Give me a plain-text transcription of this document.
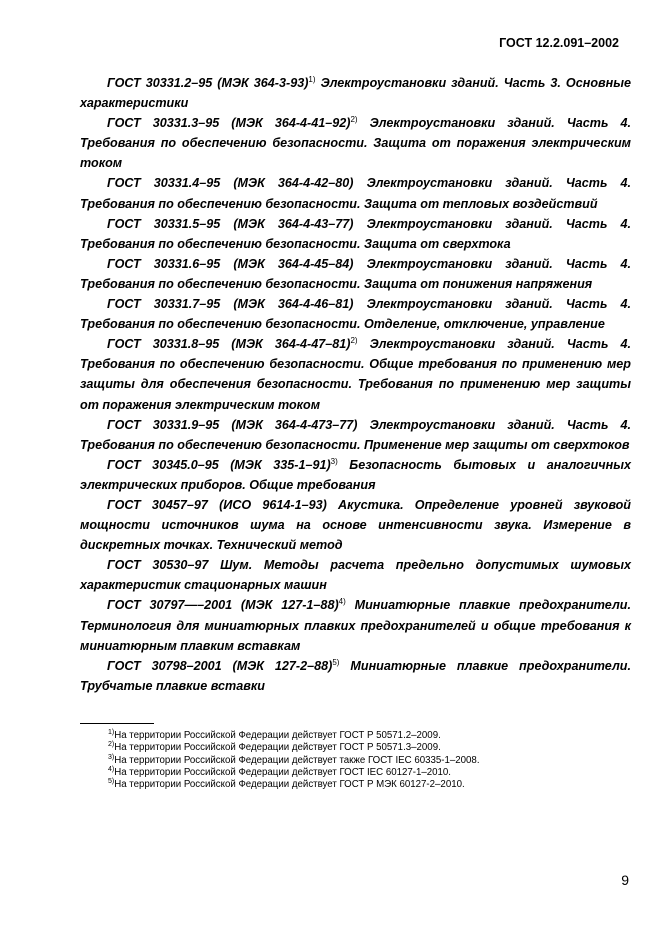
ГОСТ 12.2.091–2002

ГОСТ 30331.2–95 (МЭК 364-3-93)$^{1)}$ Электроустановки зданий. Часть 3. Основные характеристики

ГОСТ 30331.3–95 (МЭК 364-4-41–92)$^{2)}$ Электроустановки зданий. Часть 4. Требования по обеспечению безопасности. Защита от поражения электрическим током

ГОСТ 30331.4–95 (МЭК 364-4-42–80) Электроустановки зданий. Часть 4. Требования по обеспечению безопасности. Защита от тепловых воздействий

ГОСТ 30331.5–95 (МЭК 364-4-43–77) Электроустановки зданий. Часть 4. Требования по обеспечению безопасности. Защита от сверхтока

ГОСТ 30331.6–95 (МЭК 364-4-45–84) Электроустановки зданий. Часть 4. Требования по обеспечению безопасности. Защита от понижения напряжения

ГОСТ 30331.7–95 (МЭК 364-4-46–81) Электроустановки зданий. Часть 4. Требования по обеспечению безопасности. Отделение, отключение, управление

ГОСТ 30331.8–95 (МЭК 364-4-47–81)$^{2)}$ Электроустановки зданий. Часть 4. Требования по обеспечению безопасности. Общие требования по применению мер защиты для обеспечения безопасности. Требования по применению мер защиты от поражения электрическим током

ГОСТ 30331.9–95 (МЭК 364-4-473–77) Электроустановки зданий. Часть 4. Требования по обеспечению безопасности. Применение мер защиты от сверхтоков

ГОСТ 30345.0–95 (МЭК 335-1–91)$^{3)}$ Безопасность бытовых и аналогичных электрических приборов. Общие требования

ГОСТ 30457–97 (ИСО 9614-1–93) Акустика. Определение уровней звуковой мощности источников шума на основе интенсивности звука. Измерение в дискретных точках. Технический метод

ГОСТ 30530–97 Шум. Методы расчета предельно допустимых шумовых характеристик стационарных машин

ГОСТ 30797—–2001 (МЭК 127-1–88)$^{4)}$ Миниатюрные плавкие предохранители. Терминология для миниатюрных плавких предохранителей и общие требования к миниатюрным плавким вставкам

ГОСТ 30798–2001 (МЭК 127-2–88)$^{5)}$ Миниатюрные плавкие предохранители. Трубчатые плавкие вставки

$^{1)}$На территории Российской Федерации действует ГОСТ Р 50571.2–2009.
$^{2)}$На территории Российской Федерации действует ГОСТ Р 50571.3–2009.
$^{3)}$На территории Российской Федерации действует также ГОСТ IEC 60335-1–2008.
$^{4)}$На территории Российской Федерации действует ГОСТ IEC 60127-1–2010.
$^{5)}$На территории Российской Федерации действует ГОСТ Р МЭК 60127-2–2010.
9
